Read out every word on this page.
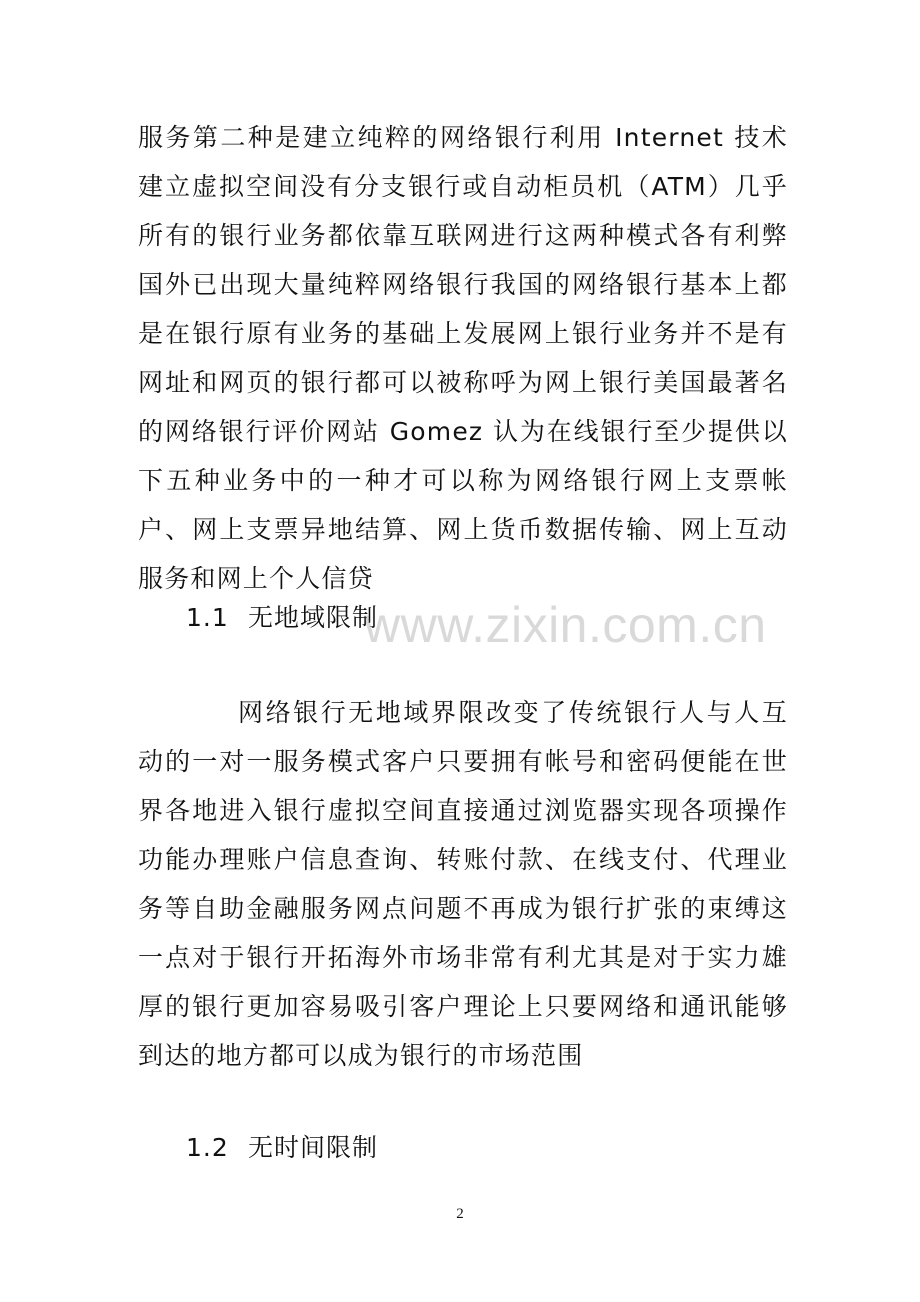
服务第二种是建立纯粹的网络银行利用 Internet 技术建立虚拟空间没有分支银行或自动柜员机（ATM）几乎所有的银行业务都依靠互联网进行这两种模式各有利弊国外已出现大量纯粹网络银行我国的网络银行基本上都是在银行原有业务的基础上发展网上银行业务并不是有网址和网页的银行都可以被称呼为网上银行美国最著名的网络银行评价网站 Gomez 认为在线银行至少提供以下五种业务中的一种才可以称为网络银行网上支票帐户、网上支票异地结算、网上货币数据传输、网上互动服务和网上个人信贷

1.1 无地域限制

www.zixin.com.cn

网络银行无地域界限改变了传统银行人与人互动的一对一服务模式客户只要拥有帐号和密码便能在世界各地进入银行虚拟空间直接通过浏览器实现各项操作功能办理账户信息查询、转账付款、在线支付、代理业务等自助金融服务网点问题不再成为银行扩张的束缚这一点对于银行开拓海外市场非常有利尤其是对于实力雄厚的银行更加容易吸引客户理论上只要网络和通讯能够到达的地方都可以成为银行的市场范围

1.2 无时间限制

2
